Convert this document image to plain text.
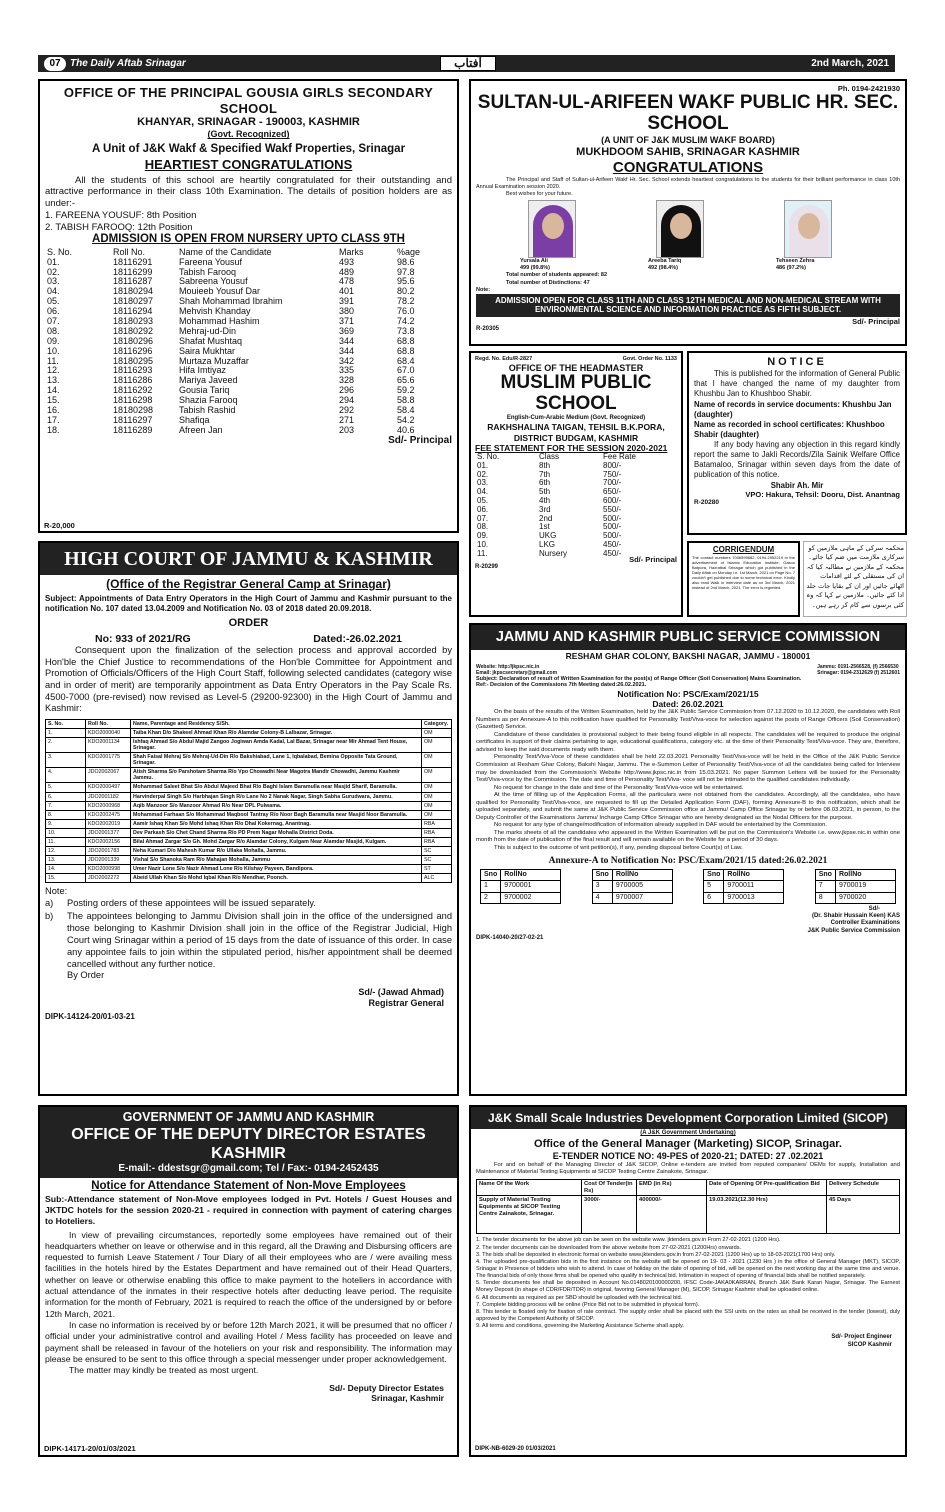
07 The Daily Aftab Srinagar	2nd March, 2021
آفتاب
OFFICE OF THE PRINCIPAL GOUSIA GIRLS SECONDARY SCHOOL
KHANYAR, SRINAGAR - 190003, KASHMIR
(Govt. Recognized)
A Unit of J&K Wakf & Specified Wakf Properties, Srinagar
HEARTIEST CONGRATULATIONS
All the students of this school are heartily congratulated for their outstanding and attractive performance in their class 10th Examination. The details of position holders are as under:-
1. FAREENA YOUSUF: 8th Position
2. TABISH FAROOQ: 12th Position
ADMISSION IS OPEN FROM NURSERY UPTO CLASS 9TH
S. No.	Roll No.	Name of the Candidate	Marks	%age
01.	18116291	Fareena Yousuf	493	98.6
02.	18116299	Tabish Farooq	489	97.8
03.	18116287	Sabreena Yousuf	478	95.6
04.	18180294	Mouieeb Yousuf Dar	401	80.2
05.	18180297	Shah Mohammad Ibrahim	391	78.2
06.	18116294	Mehvish Khanday	380	76.0
07.	18180293	Mohammad Hashim	371	74.2
08.	18180292	Mehraj-ud-Din	369	73.8
09.	18180296	Shafat Mushtaq	344	68.8
10.	18116296	Saira Mukhtar	344	68.8
11.	18180295	Murtaza Muzaffar	342	68.4
12.	18116293	Hifa Imtiyaz	335	67.0
13.	18116286	Mariya Javeed	328	65.6
14.	18116292	Gousia Tariq	296	59.2
15.	18116298	Shazia Farooq	294	58.8
16.	18180298	Tabish Rashid	292	58.4
17.	18116297	Shafiqa	271	54.2
18.	18116289	Afreen Jan	203	40.6
Sd/- Principal
R-20,000
Ph. 0194-2421930
SULTAN-UL-ARIFEEN WAKF PUBLIC HR. SEC. SCHOOL
(A UNIT OF J&K MUSLIM WAKF BOARD)
MUKHDOOM SAHIB, SRINAGAR KASHMIR
CONGRATULATIONS
The Principal and Staff of Sultan-ul-Arifeen Wakf Hr. Sec. School extends heartiest congratulations to the students for their brilliant performance in class 10th Annual Examination session 2020.
Best wishes for your future.
Yursala Ali
499 (99.8%)
Areeba Tariq
492 (98.4%)
Tehseen Zehra
486 (97.2%)
Total number of students appeared: 82
Total number of Distinctions: 47
Note:
ADMISSION OPEN FOR CLASS 11TH AND CLASS 12TH MEDICAL AND NON-MEDICAL STREAM WITH ENVIRONMENTAL SCIENCE AND INFORMATION PRACTICE AS FIFTH SUBJECT.
Sd/- Principal
R-20305
Regd. No. Edu/R-2827	Govt. Order No. 1133
OFFICE OF THE HEADMASTER
MUSLIM PUBLIC SCHOOL
English-Cum-Arabic Medium (Govt. Recognized)
RAKHSHALINA TAIGAN, TEHSIL B.K.PORA,
DISTRICT BUDGAM, KASHMIR
FEE STATEMENT FOR THE SESSION 2020-2021
S. No.	Class	Fee Rate
01.	8th	800/-
02.	7th	750/-
03.	6th	700/-
04.	5th	650/-
05.	4th	600/-
06.	3rd	550/-
07.	2nd	500/-
08.	1st	500/-
09.	UKG	500/-
10.	LKG	450/-
11.	Nursery	450/-
Sd/- Principal
R-20299
NOTICE
This is published for the information of General Public that I have changed the name of my daughter from Khushbu Jan to Khushboo Shabir.
Name of records in service documents: Khushbu Jan (daughter)
Name as recorded in school certificates: Khushboo Shabir (daughter)
If any body having any objection in this regard kindly report the same to Jakli Records/Zila Sainik Welfare Office Batamaloo, Srinagar within seven days from the date of publication of this notice.
Shabir Ah. Mir
VPO: Hakura, Tehsil: Dooru, Dist. Anantnag
R-20280
CORRIGENDUM
The contact numbers 7006599682, 0194-2952219 in the advertisement of Islamic Education Institute, Gasoo Batpora, Hazratbal Srinagar which got published in the Daily Aftab on Monday i.e. 1st March, 2021 on Page No. 7 couldn't get published due to some technical error. Kindly also read Walk in interview date as on 3rd March, 2021 instead of 2nd March, 2021. The error is regretted.
محکمہ سرکی کے ماہی ملازمین کو سرکاری ملازمت میں ضم کیا جائے۔ محکمہ کے ملازمین نے مطالبہ کیا کہ ان کی مستقلی کے لئے اقدامات اٹھائے جائیں اور ان کے بقایا جات جلد ادا کئے جائیں۔ ملازمین نے کہا کہ وہ کئی برسوں سے کام کر رہے ہیں۔
HIGH COURT OF JAMMU & KASHMIR
(Office of the Registrar General Camp at Srinagar)
Subject: Appointments of Data Entry Operators in the High Court of Jammu and Kashmir pursuant to the notification No. 107 dated 13.04.2009 and Notification No. 03 of 2018 dated 20.09.2018.
ORDER
No: 933 of 2021/RG	Dated:-26.02.2021
Consequent upon the finalization of the selection process and approval accorded by Hon'ble the Chief Justice to recommendations of the Hon'ble Committee for Appointment and Promotion of Officials/Officers of the High Court Staff, following selected candidates (category wise and in order of merit) are temporarily appointment as Data Entry Operators in the Pay Scale Rs. 4500-7000 (pre-revised) now revised as Level-5 (29200-92300) in the High Court of Jammu and Kashmir:
S. No.	Roll No.	Name, Parentage and Residency S/Sh.	Category.
1.	KDO2000040	Taiba Khan D/o Shakeel Ahmad Khan R/o Alamdar Colony-B Lalbazar, Srinagar.	OM
2.	KDO2001134	Ishfaq Ahmad S/o Abdul Majid Zangoo Jogiwan Amda Kadal, Lal Bazar, Srinagar near Mir Ahmad Tent House, Srinagar.	OM
3.	KDO2001775	Shah Faisal Mehraj S/o Mehraj-Ud-Din R/o Bakshiabad, Lane 1, Iqbalabad, Bemina Opposite Tata Ground, Srinagar.	OM
4.	JDO2002067	Atish Sharma S/o Parshotam Sharma R/o Vpo Chowadhi Near Magotra Mandir Chowadhi, Jammu Kashmir Jammu.	OM
5.	KDO2000497	Mohammad Saleet Bhat S/o Abdul Majeed Bhat R/o Baghi Islam Baramulla near Masjid Sharif, Baramulla.	OM
6.	JDO2001182	Harvinderpal Singh S/o Harbhajan Singh R/o Lane No 2 Nanak Nagar, Singh Sabha Gurudwara, Jammu.	OM
7.	KDO2000968	Aqib Manzoor S/o Manzoor Ahmad R/o Near DPL Pulwama.	OM
8.	KDO2002475	Mohammad Farhaan S/o Mohammad Maqbool Tantray R/o Noor Bagh Baramulla near Masjid Noor Baramulla.	OM
9.	KDO2002019	Aamir Ishaq Khan S/o Mohd Ishaq Khan R/o Dhal Kokernag, Anantnag.	RBA
10.	JDO2001377	Dev Parkash S/o Chet Chand Sharma R/o PD Prem Nagar Mohalla District Doda.	RBA
11.	KDO2002156	Bilal Ahmad Zargar S/o Gh. Mohd Zargar R/o Alamdar Colony, Kulgam Near Alamdar Masjid, Kulgam.	RBA
12.	JDO2001783	Neha Kumari D/o Mahesh Kumar R/o Ullaka Mohalla, Jammu.	SC
13.	JDO2001339	Vishal S/o Shanoka Ram R/o Mahajan Mohalla, Jammu	SC
14.	KDO2000998	Umer Nazir Lone S/o Nazir Ahmad Lone R/o Kilshay Payeen, Bandipora.	ST
15.	JDO2002272	Abeid Ullah Khan S/o Mohd Iqbal Khan R/o Mendhar, Poonch.	ALC
Note:
a)	Posting orders of these appointees will be issued separately.
b)	The appointees belonging to Jammu Division shall join in the office of the undersigned and those belonging to Kashmir Division shall join in the office of the Registrar Judicial, High Court wing Srinagar within a period of 15 days from the date of issuance of this order. In case any appointee fails to join within the stipulated period, his/her appointment shall be deemed cancelled without any further notice.
By Order
Sd/- (Jawad Ahmad)
Registrar General
DIPK-14124-20/01-03-21
JAMMU AND KASHMIR PUBLIC SERVICE COMMISSION
RESHAM GHAR COLONY, BAKSHI NAGAR, JAMMU - 180001
Website: http://jkpsc.nic.in
Email: jkpscsecretary@gmail.com
Jammu: 0191-2566528, (f) 2566530
Srinagar: 0194-2312629 (f) 2512601
Subject: Declaration of result of Written Examination for the post(s) of Range Officer (Soil Conservation) Mains Examination.
Ref:- Decision of the Commissions 7th Meeting dated:26.02.2021.
Notification No: PSC/Exam/2021/15
Dated: 26.02.2021
On the basis of the results of the Written Examination, held by the J&K Public Service Commission from 07.12.2020 to 10.12.2020, the candidates with Roll Numbers as per Annexure-A to this notification have qualified for Personality Test/Viva-voce for selection against the posts of Range Officers (Soil Conservation) (Gazetted) Service.
Candidature of these candidates is provisional subject to their being found eligible in all respects. The candidates will be required to produce the original certificates in support of their claims pertaining to age, educational qualifications, category etc. at the time of their Personality Test/Viva-voce. They are, therefore, advised to keep the said documents ready with them.
Personality Test/Viva-Voce of these candidates shall be held 22.03.2021 Personality Test/Viva-voce will be held in the Office of the J&K Public Service Commission at Resham Ghar Colony, Bakshi Nagar, Jammu. The e-Summon Letter of Personality Test/Viva-voce of all the candidates being called for Interview may be downloaded from the Commission's Website http://www.jkpsc.nic.in from 15.03.2021. No paper Summon Letters will be issued for the Personality Test/Viva-voce by the Commission. The date and time of Personality Test/Viva- voce will not be intimated to the qualified candidates individually.
No request for change in the date and time of the Personality Test/Viva-voce will be entertained.
At the time of filling up of the Application Forms, all the particulars were not obtained from the candidates. Accordingly, all the candidates, who have qualified for Personality Test/Viva-voce, are requested to fill up the Detailed Application Form (DAF), forming Annexure-B to this notification, which shall be uploaded separately, and submit the same at J&K Public Service Commission office at Jammu/ Camp Office Srinagar by or before 08.03.2021, in person, to the Deputy Controller of the Examinations Jammu/ Incharge Camp Office Srinagar who are hereby designated as the Nodal Officers for the purpose.
No request for any type of change/modification of information already supplied in DAF would be entertained by the Commission.
The marks sheets of all the candidates who appeared in the Written Examination will be put on the Commission's Website i.e. www.jkpse.nic.in within one month from the date of publication of the final result and will remain available on the Website for a period of 30 days.
This is subject to the outcome of writ petition(s), if any, pending disposal before Court(s) of Law.
Annexure-A to Notification No: PSC/Exam/2021/15 dated:26.02.2021
Sno	RollNo
1	9700001
2	9700002
Sno	RollNo
3	9700005
4	9700007
Sno	RollNo
5	9700011
6	9700013
Sno	RollNo
7	9700019
8	9700020
Sd/-
(Dr. Shabir Hussain Keen) KAS
Controller Examinations
J&K Public Service Commission
DIPK-14040-20/27-02-21
GOVERNMENT OF JAMMU AND KASHMIR
OFFICE OF THE DEPUTY DIRECTOR ESTATES KASHMIR
E-mail:- ddestsgr@gmail.com; Tel / Fax:- 0194-2452435
Notice for Attendance Statement of Non-Move Employees
Sub:-Attendance statement of Non-Move employees lodged in Pvt. Hotels / Guest Houses and JKTDC hotels for the session 2020-21 - required in connection with payment of catering charges to Hoteliers.
In view of prevailing circumstances, reportedly some employees have remained out of their headquarters whether on leave or otherwise and in this regard, all the Drawing and Disbursing officers are requested to furnish Leave Statement / Tour Diary of all their employees who are / were availing mess facilities in the hotels hired by the Estates Department and have remained out of their Head Quarters, whether on leave or otherwise enabling this office to make payment to the hoteliers in accordance with actual attendance of the inmates in their respective hotels after deducting leave period. The requisite information for the month of February, 2021 is required to reach the office of the undersigned by or before 12th March, 2021.
In case no information is received by or before 12th March 2021, it will be presumed that no officer / official under your administrative control and availing Hotel / Mess facility has proceeded on leave and payment shall be released in favour of the hoteliers on your risk and responsibility. The information may please be ensured to be sent to this office through a special messenger under proper acknowledgement.
The matter may kindly be treated as most urgent.
Sd/- Deputy Director Estates
Srinagar, Kashmir
DIPK-14171-20/01/03/2021
J&K Small Scale Industries Development Corporation Limited (SICOP)
(A J&K Government Undertaking)
Office of the General Manager (Marketing) SICOP, Srinagar.
E-TENDER NOTICE NO: 49-PES of 2020-21; DATED: 27 .02.2021
For and on behalf of the Managing Director of J&K SICOP, Online e-tenders are invited from reputed companies/ OEMs for supply, Installation and Maintenance of Material Testing Equipments at SICOP Testing Centre Zainakote, Srinagar.
Name Of the Work	Cost Of Tender(in Rs)	EMD (in Rs)	Date of Opening Of Pre-qualification Bid	Delivery Schedule
Supply of Material Testing Equipments at SICOP Testing Centre Zainakote, Srinagar.	3000/-	400000/-	19.03.2021(12.30 Hrs)	45 Days
1. The tender documents for the above job can be seen on the website www. jktenders.gov.in From 27-02-2021 (1200 Hrs).
2. The tender documents can be downloaded from the above website from 27-02-2021 (1200Hrs) onwards.
3. The bids shall be deposited in electronic format on website www.jktenders.gov.in from 27-02-2021 (1200 Hrs) up to 18-03-2021(1700 Hrs) only.
4. The uploaded pre-qualification bids in the first instance on the website will be opened on 19- 03 - 2021 (1230 Hrs ) in the office of General Manager (MKT), SICOP, Srinagar in Presence of bidders who wish to attend. In case of holiday on the date of opening of bid, will be opened on the next working day at the same time and venue. The financial bids of only those firms shall be opened who qualify in technical bid. Intimation in respect of opening of financial bids shall be notified separately.
5. Tender documents fee shall be deposited in Account No.0148020100000200, IFSC Code-JAKA0KARRAN, Branch J&K Bank Karan Nagar, Srinagar. The Earnest Money Deposit (in shape of CDR/FDR/TDR) in original, favoring General Manager (M), SICOP, Srinagar Kashmir shall be uploaded online.
6. All documents as required as per SBD should be uploaded with the technical bid.
7. Complete bidding process will be online (Price Bid not to be submitted in physical form).
8. This tender is floated only for fixation of rate contract. The supply order shall be placed with the SSI units on the rates as shall be received in the tender (lowest), duly approved by the Competent Authority of SICOP.
9. All terms and conditions, governing the Marketing Assistance Scheme shall apply.
Sd/- Project Engineer
SICOP Kashmir
DIPK-NB-6029-20 01/03/2021
